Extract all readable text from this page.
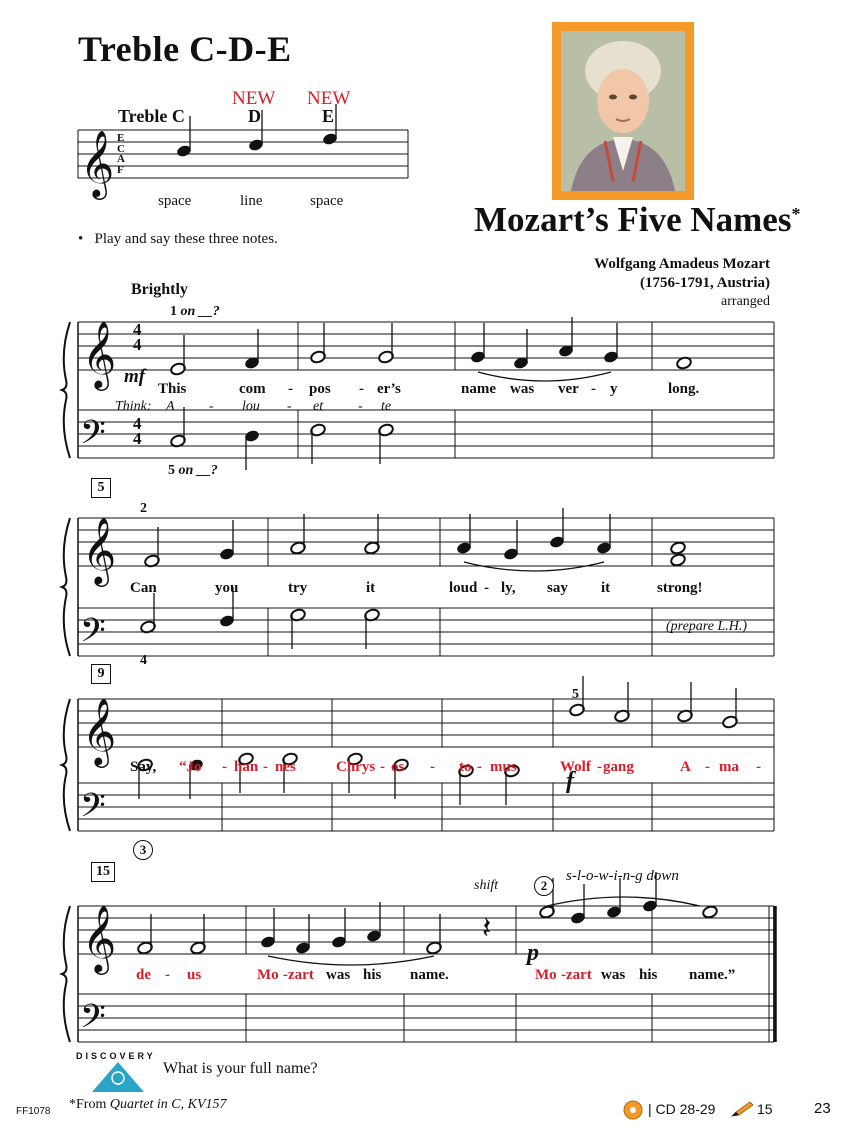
Treble C-D-E
Mozart’s Five Names*
Wolfgang Amadeus Mozart
(1756-1791, Austria)
arranged
NEW NEW
Treble C	D	E
E
C
A
F
space	line	space
•   Play and say these three notes.
Brightly
𝄞
𝄞
𝄢
𝄞
𝄢
𝄞
𝄢
𝄞
𝄢
𝄽
1 on __?
5 on __?
4
4
4
4
mf
Think:
This	com - pos - er’s	name was ver - y	long.
A - lou - et - te
5
2
4
Can	you	try	it	loud - ly, say it	strong!
(prepare L.H.)
9
5
3
f
Say, “Jo - han - nes	Chrys - os - to - mus	Wolf - gang	A - ma -
15
shift	2
s-l-o-w-i-n-g down
p
de - us	Mo - zart was his name.	Mo - zart was his name.”
DISCOVERY
What is your full name?
FF1078 *From Quartet in C, KV157	| CD 28-29	15	23
